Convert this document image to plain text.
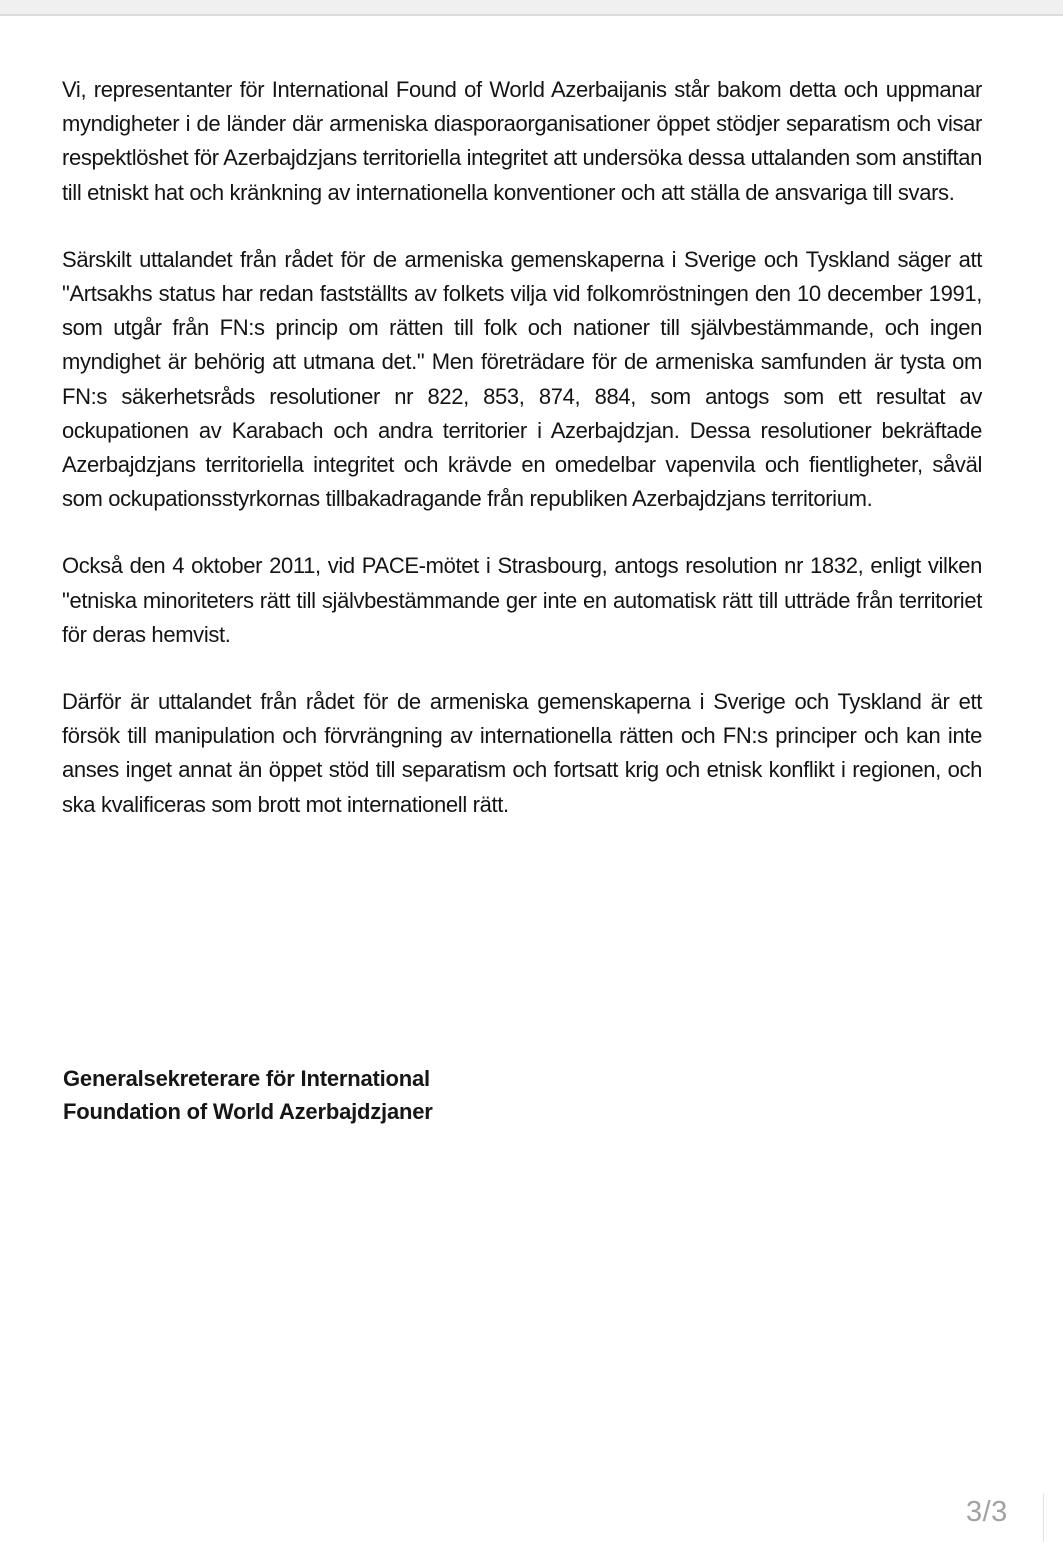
Vi, representanter för International Found of World Azerbaijanis står bakom detta och uppmanar myndigheter i de länder där armeniska diasporaorganisationer öppet stödjer separatism och visar respektlöshet för Azerbajdzjans territoriella integritet att undersöka dessa uttalanden som anstiftan till etniskt hat och kränkning av internationella konventioner och att ställa de ansvariga till svars.

Särskilt uttalandet från rådet för de armeniska gemenskaperna i Sverige och Tyskland säger att "Artsakhs status har redan fastställts av folkets vilja vid folkomröstningen den 10 december 1991, som utgår från FN:s princip om rätten till folk och nationer till självbestämmande, och ingen myndighet är behörig att utmana det." Men företrädare för de armeniska samfunden är tysta om FN:s säkerhetsråds resolutioner nr 822, 853, 874, 884, som antogs som ett resultat av ockupationen av Karabach och andra territorier i Azerbajdzjan. Dessa resolutioner bekräftade Azerbajdzjans territoriella integritet och krävde en omedelbar vapenvila och fientligheter, såväl som ockupationsstyrkornas tillbakadragande från republiken Azerbajdzjans territorium.

Också den 4 oktober 2011, vid PACE-mötet i Strasbourg, antogs resolution nr 1832, enligt vilken "etniska minoriteters rätt till självbestämmande ger inte en automatisk rätt till utträde från territoriet för deras hemvist.

Därför är uttalandet från rådet för de armeniska gemenskaperna i Sverige och Tyskland är ett försök till manipulation och förvrängning av internationella rätten och FN:s principer och kan inte anses inget annat än öppet stöd till separatism och fortsatt krig och etnisk konflikt i regionen, och ska kvalificeras som brott mot internationell rätt.

Generalsekreterare för International
Foundation of World Azerbajdzjaner
3/3
